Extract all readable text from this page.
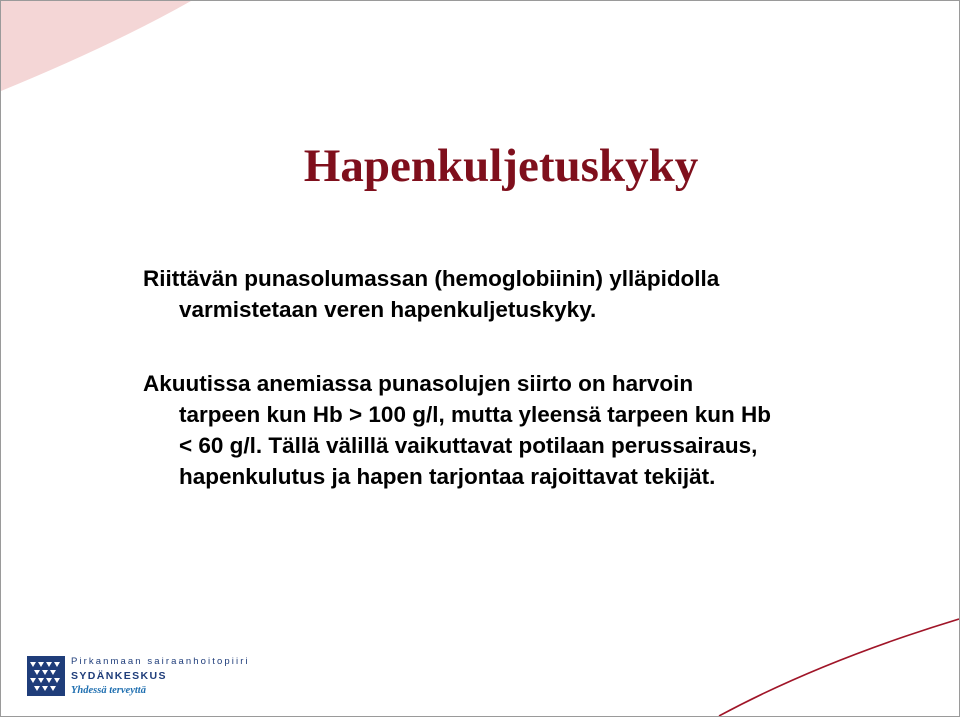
Hapenkuljetuskyky
Riittävän punasolumassan (hemoglobiinin) ylläpidolla
varmistetaan veren hapenkuljetuskyky.
Akuutissa anemiassa punasolujen siirto on harvoin
tarpeen kun Hb > 100 g/l, mutta yleensä tarpeen kun Hb
< 60 g/l. Tällä välillä vaikuttavat potilaan perussairaus,
hapenkulutus ja hapen tarjontaa rajoittavat tekijät.
Pirkanmaan sairaanhoitopiiri
SYDÄNKESKUS
Yhdessä terveyttä
